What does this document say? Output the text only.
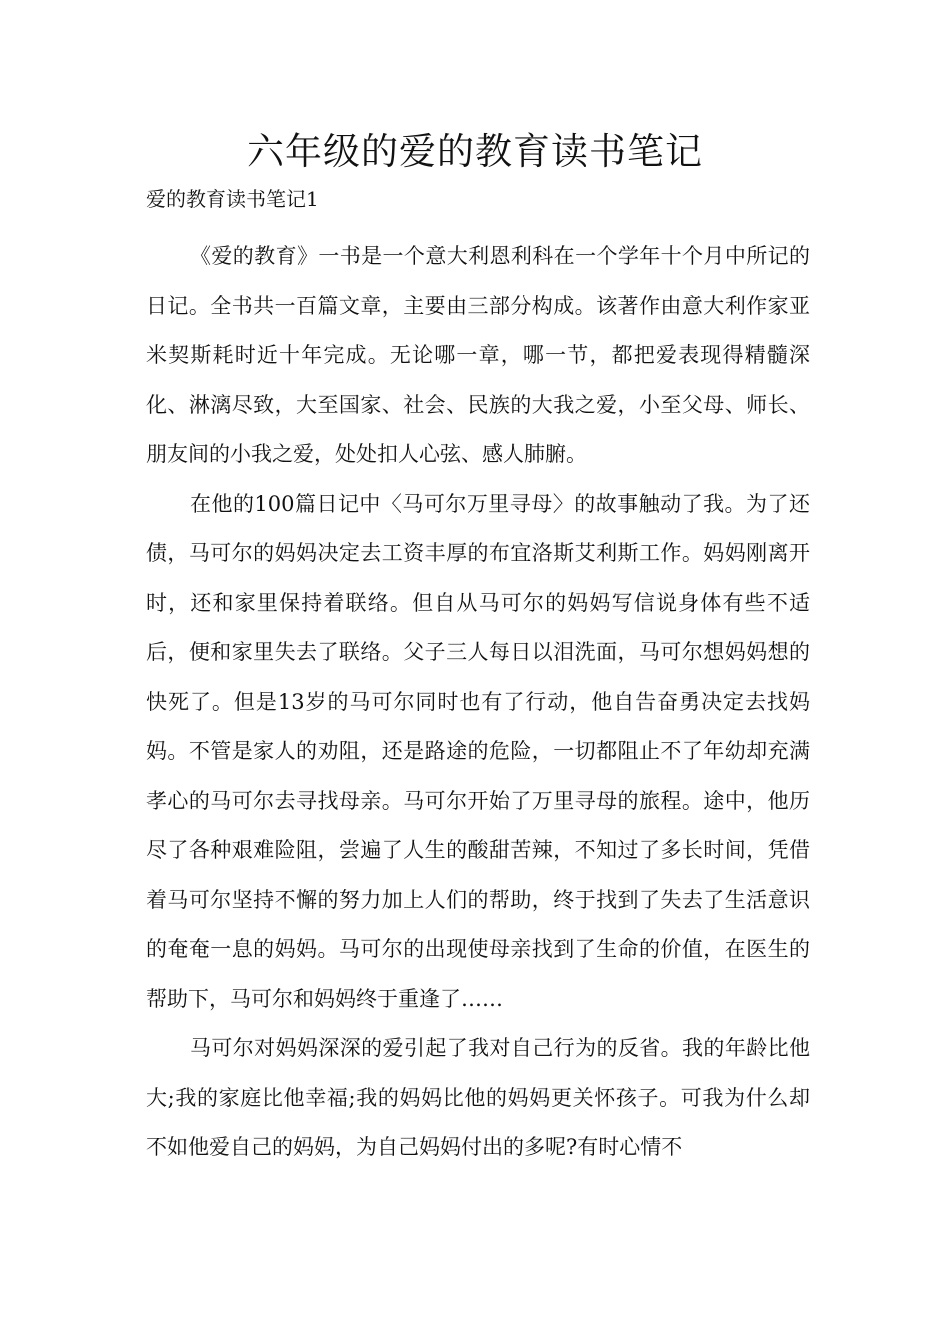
六年级的爱的教育读书笔记

爱的教育读书笔记1

《爱的教育》一书是一个意大利恩利科在一个学年十个月中所记的日记。全书共一百篇文章，主要由三部分构成。该著作由意大利作家亚米契斯耗时近十年完成。无论哪一章，哪一节，都把爱表现得精髓深化、淋漓尽致，大至国家、社会、民族的大我之爱，小至父母、师长、朋友间的小我之爱，处处扣人心弦、感人肺腑。

在他的100篇日记中〈马可尔万里寻母〉的故事触动了我。为了还债，马可尔的妈妈决定去工资丰厚的布宜洛斯艾利斯工作。妈妈刚离开时，还和家里保持着联络。但自从马可尔的妈妈写信说身体有些不适后，便和家里失去了联络。父子三人每日以泪洗面，马可尔想妈妈想的快死了。但是13岁的马可尔同时也有了行动，他自告奋勇决定去找妈妈。不管是家人的劝阻，还是路途的危险，一切都阻止不了年幼却充满孝心的马可尔去寻找母亲。马可尔开始了万里寻母的旅程。途中，他历尽了各种艰难险阻，尝遍了人生的酸甜苦辣，不知过了多长时间，凭借着马可尔坚持不懈的努力加上人们的帮助，终于找到了失去了生活意识的奄奄一息的妈妈。马可尔的出现使母亲找到了生命的价值，在医生的帮助下，马可尔和妈妈终于重逢了……

马可尔对妈妈深深的爱引起了我对自己行为的反省。我的年龄比他大;我的家庭比他幸福;我的妈妈比他的妈妈更关怀孩子。可我为什么却不如他爱自己的妈妈，为自己妈妈付出的多呢?有时心情不
